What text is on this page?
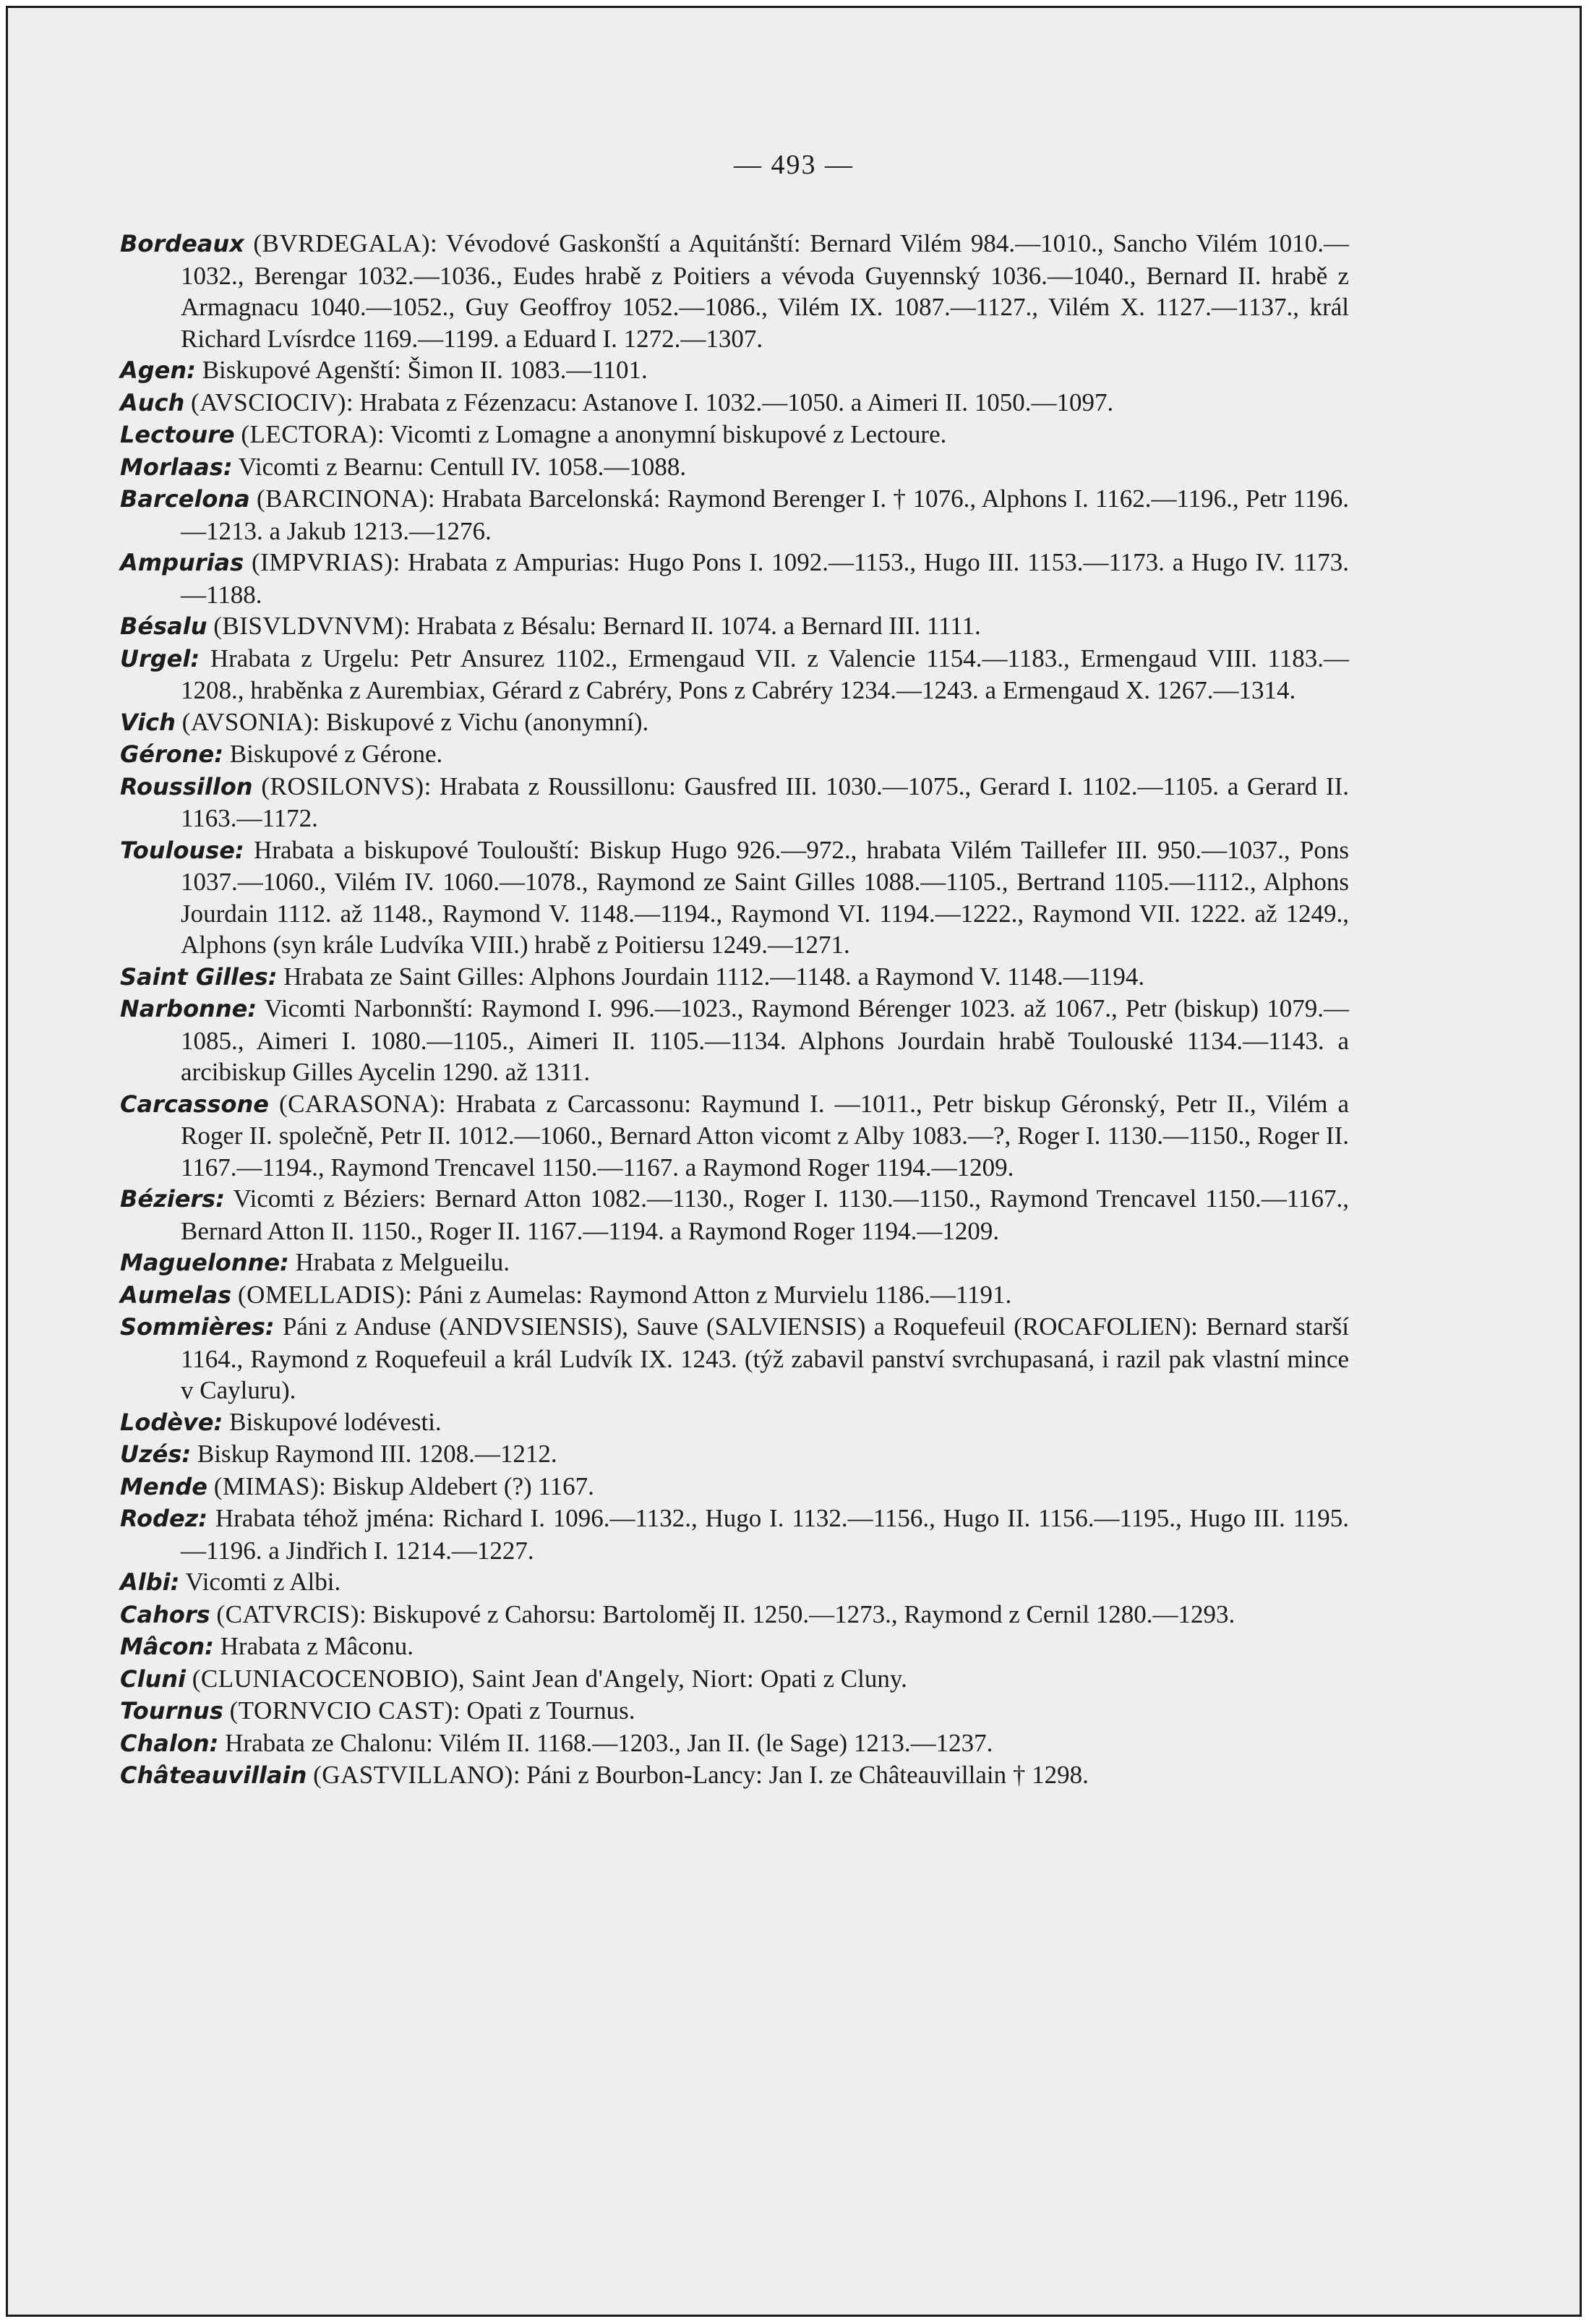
— 493 —

Bordeaux (BVRDEGALA): Vévodové Gaskonští a Aquitánští: Bernard Vilém 984.—1010., Sancho Vilém 1010.—1032., Berengar 1032.—1036., Eudes hrabě z Poitiers a vévoda Guyennský 1036.—1040., Bernard II. hrabě z Armagnacu 1040.—1052., Guy Geoffroy 1052.—1086., Vilém IX. 1087.—1127., Vilém X. 1127.—1137., král Richard Lvísrdce 1169.—1199. a Eduard I. 1272.—1307.

Agen: Biskupové Agenští: Šimon II. 1083.—1101.

Auch (AVSCIOCIV): Hrabata z Fézenzacu: Astanove I. 1032.—1050. a Aimeri II. 1050.—1097.

Lectoure (LECTORA): Vicomti z Lomagne a anonymní biskupové z Lectoure.

Morlaas: Vicomti z Bearnu: Centull IV. 1058.—1088.

Barcelona (BARCINONA): Hrabata Barcelonská: Raymond Berenger I. † 1076., Alphons I. 1162.—1196., Petr 1196.—1213. a Jakub 1213.—1276.

Ampurias (IMPVRIAS): Hrabata z Ampurias: Hugo Pons I. 1092.—1153., Hugo III. 1153.—1173. a Hugo IV. 1173.—1188.

Bésalu (BISVLDVNVM): Hrabata z Bésalu: Bernard II. 1074. a Bernard III. 1111.

Urgel: Hrabata z Urgelu: Petr Ansurez 1102., Ermengaud VII. z Valencie 1154.—1183., Ermengaud VIII. 1183.—1208., hraběnka z Aurembiax, Gérard z Cabréry, Pons z Cabréry 1234.—1243. a Ermengaud X. 1267.—1314.

Vich (AVSONIA): Biskupové z Vichu (anonymní).

Gérone: Biskupové z Gérone.

Roussillon (ROSILONVS): Hrabata z Roussillonu: Gausfred III. 1030.—1075., Gerard I. 1102.—1105. a Gerard II. 1163.—1172.

Toulouse: Hrabata a biskupové Toulouští: Biskup Hugo 926.—972., hrabata Vilém Taillefer III. 950.—1037., Pons 1037.—1060., Vilém IV. 1060.—1078., Raymond ze Saint Gilles 1088.—1105., Bertrand 1105.—1112., Alphons Jourdain 1112. až 1148., Raymond V. 1148.—1194., Raymond VI. 1194.—1222., Raymond VII. 1222. až 1249., Alphons (syn krále Ludvíka VIII.) hrabě z Poitiersu 1249.—1271.

Saint Gilles: Hrabata ze Saint Gilles: Alphons Jourdain 1112.—1148. a Raymond V. 1148.—1194.

Narbonne: Vicomti Narbonnští: Raymond I. 996.—1023., Raymond Bérenger 1023. až 1067., Petr (biskup) 1079.—1085., Aimeri I. 1080.—1105., Aimeri II. 1105.—1134. Alphons Jourdain hrabě Toulouské 1134.—1143. a arcibiskup Gilles Aycelin 1290. až 1311.

Carcassone (CARASONA): Hrabata z Carcassonu: Raymund I. —1011., Petr biskup Géronský, Petr II., Vilém a Roger II. společně, Petr II. 1012.—1060., Bernard Atton vicomt z Alby 1083.—?, Roger I. 1130.—1150., Roger II. 1167.—1194., Raymond Trencavel 1150.—1167. a Raymond Roger 1194.—1209.

Béziers: Vicomti z Béziers: Bernard Atton 1082.—1130., Roger I. 1130.—1150., Raymond Trencavel 1150.—1167., Bernard Atton II. 1150., Roger II. 1167.—1194. a Raymond Roger 1194.—1209.

Maguelonne: Hrabata z Melgueilu.

Aumelas (OMELLADIS): Páni z Aumelas: Raymond Atton z Murvielu 1186.—1191.

Sommières: Páni z Anduse (ANDVSIENSIS), Sauve (SALVIENSIS) a Roquefeuil (ROCAFOLIEN): Bernard starší 1164., Raymond z Roquefeuil a král Ludvík IX. 1243. (týž zabavil panství svrchupasaná, i razil pak vlastní mince v Cayluru).

Lodève: Biskupové lodévesti.

Uzés: Biskup Raymond III. 1208.—1212.

Mende (MIMAS): Biskup Aldebert (?) 1167.

Rodez: Hrabata téhož jména: Richard I. 1096.—1132., Hugo I. 1132.—1156., Hugo II. 1156.—1195., Hugo III. 1195.—1196. a Jindřich I. 1214.—1227.

Albi: Vicomti z Albi.

Cahors (CATVRCIS): Biskupové z Cahorsu: Bartoloměj II. 1250.—1273., Raymond z Cernil 1280.—1293.

Mâcon: Hrabata z Mâconu.

Cluni (CLUNIACOCENOBIO), Saint Jean d'Angely, Niort: Opati z Cluny.

Tournus (TORNVCIO CAST): Opati z Tournus.

Chalon: Hrabata ze Chalonu: Vilém II. 1168.—1203., Jan II. (le Sage) 1213.—1237.

Châteauvillain (GASTVILLANO): Páni z Bourbon-Lancy: Jan I. ze Châteauvillain † 1298.
